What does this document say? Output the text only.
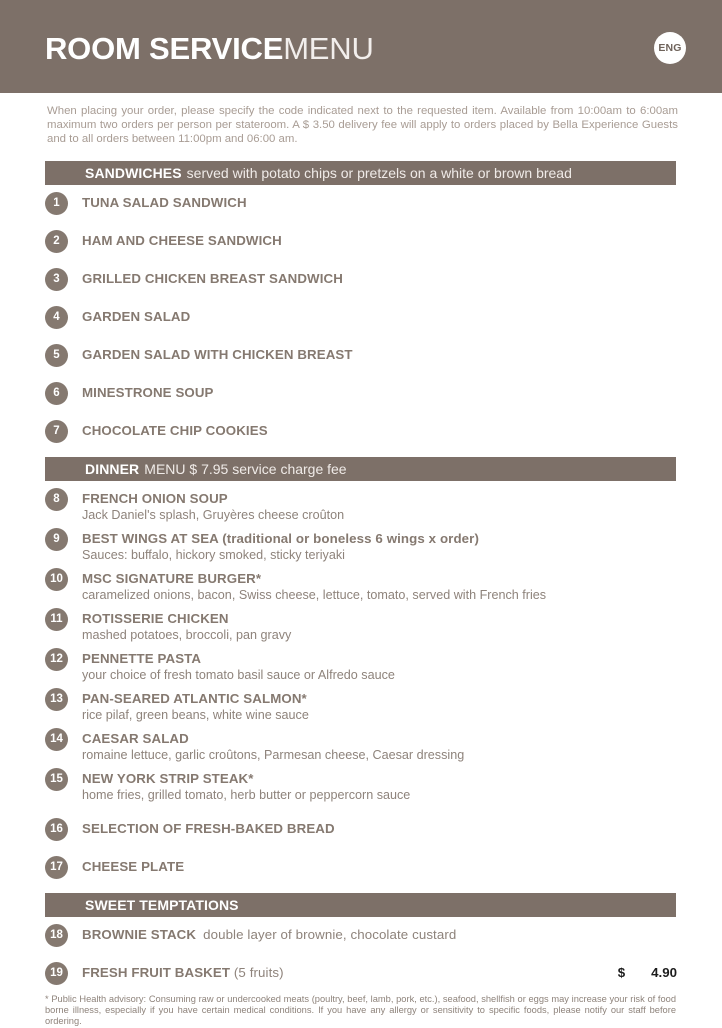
ROOM SERVICEMENU	ENG
When placing your order, please specify the code indicated next to the requested item. Available from 10:00am to 6:00am maximum two orders per person per stateroom. A $ 3.50 delivery fee will apply to orders placed by Bella Experience Guests and to all orders between 11:00pm and 06:00 am.
SANDWICHES served with potato chips or pretzels on a white or brown bread
1	TUNA SALAD SANDWICH
2	HAM AND CHEESE SANDWICH
3	GRILLED CHICKEN BREAST SANDWICH
4	GARDEN SALAD
5	GARDEN SALAD WITH CHICKEN BREAST
6	MINESTRONE SOUP
7	CHOCOLATE CHIP COOKIES
DINNER MENU $ 7.95 service charge fee
8	FRENCH ONION SOUP
Jack Daniel's splash, Gruyères cheese croûton
9	BEST WINGS AT SEA (traditional or boneless 6 wings x order)
Sauces: buffalo, hickory smoked, sticky teriyaki
10	MSC SIGNATURE BURGER*
caramelized onions, bacon, Swiss cheese, lettuce, tomato, served with French fries
11	ROTISSERIE CHICKEN
mashed potatoes, broccoli, pan gravy
12	PENNETTE PASTA
your choice of fresh tomato basil sauce or Alfredo sauce
13	PAN-SEARED ATLANTIC SALMON*
rice pilaf, green beans, white wine sauce
14	CAESAR SALAD
romaine lettuce, garlic croûtons, Parmesan cheese, Caesar dressing
15	NEW YORK STRIP STEAK*
home fries, grilled tomato, herb butter or peppercorn sauce
16	SELECTION OF FRESH-BAKED BREAD
17	CHEESE PLATE
SWEET TEMPTATIONS
18	BROWNIE STACK double layer of brownie, chocolate custard
19	FRESH FRUIT BASKET (5 fruits)	$ 4.90
* Public Health advisory: Consuming raw or undercooked meats (poultry, beef, lamb, pork, etc.), seafood, shellfish or eggs may increase your risk of food borne illness, especially if you have certain medical conditions. If you have any allergy or sensitivity to specific foods, please notify our staff before ordering.
